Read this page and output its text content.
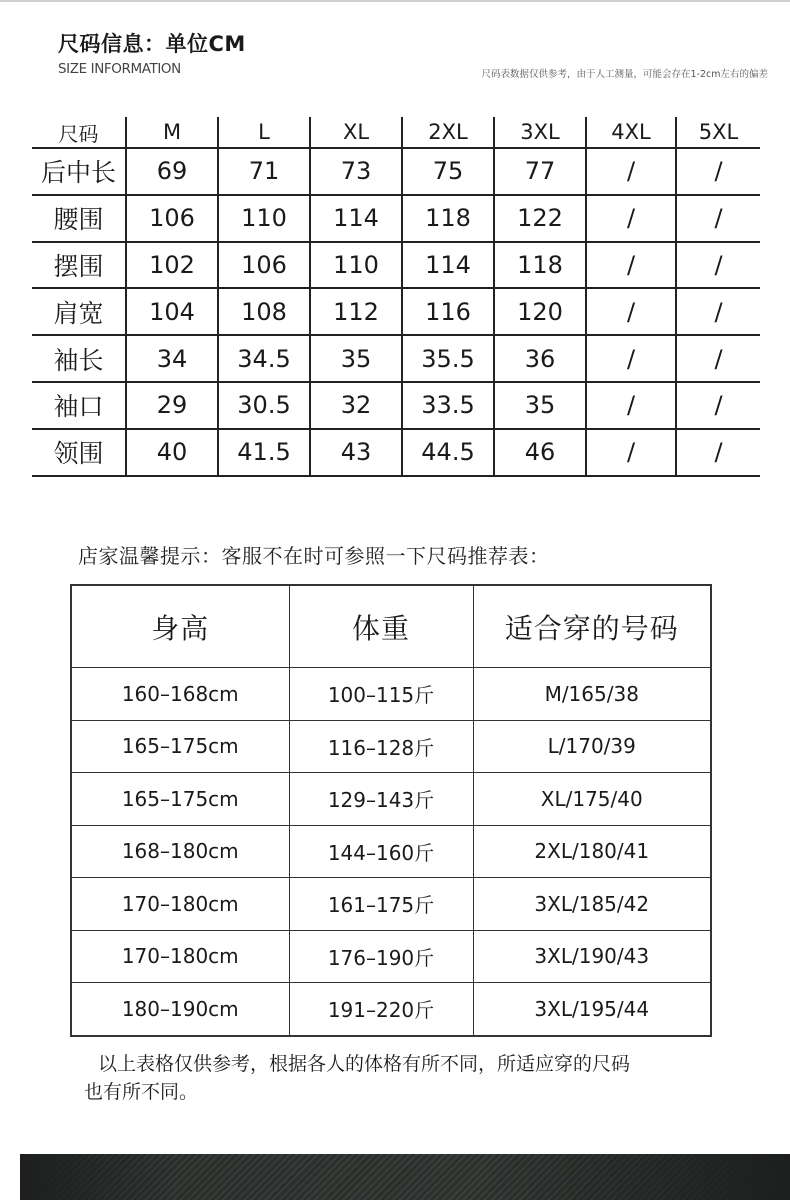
尺码信息：单位CM
SIZE INFORMATION	尺码表数据仅供参考，由于人工测量，可能会存在1-2cm左右的偏差
尺码	M	L	XL	2XL	3XL	4XL	5XL
后中长	69	71	73	75	77	/	/
腰围	106	110	114	118	122	/	/
摆围	102	106	110	114	118	/	/
肩宽	104	108	112	116	120	/	/
袖长	34	34.5	35	35.5	36	/	/
袖口	29	30.5	32	33.5	35	/	/
领围	40	41.5	43	44.5	46	/	/
店家温馨提示：客服不在时可参照一下尺码推荐表：
身高	体重	适合穿的号码
160–168cm	100–115斤	M/165/38
165–175cm	116–128斤	L/170/39
165–175cm	129–143斤	XL/175/40
168–180cm	144–160斤	2XL/180/41
170–180cm	161–175斤	3XL/185/42
170–180cm	176–190斤	3XL/190/43
180–190cm	191–220斤	3XL/195/44
以上表格仅供参考，根据各人的体格有所不同，所适应穿的尺码
也有所不同。
